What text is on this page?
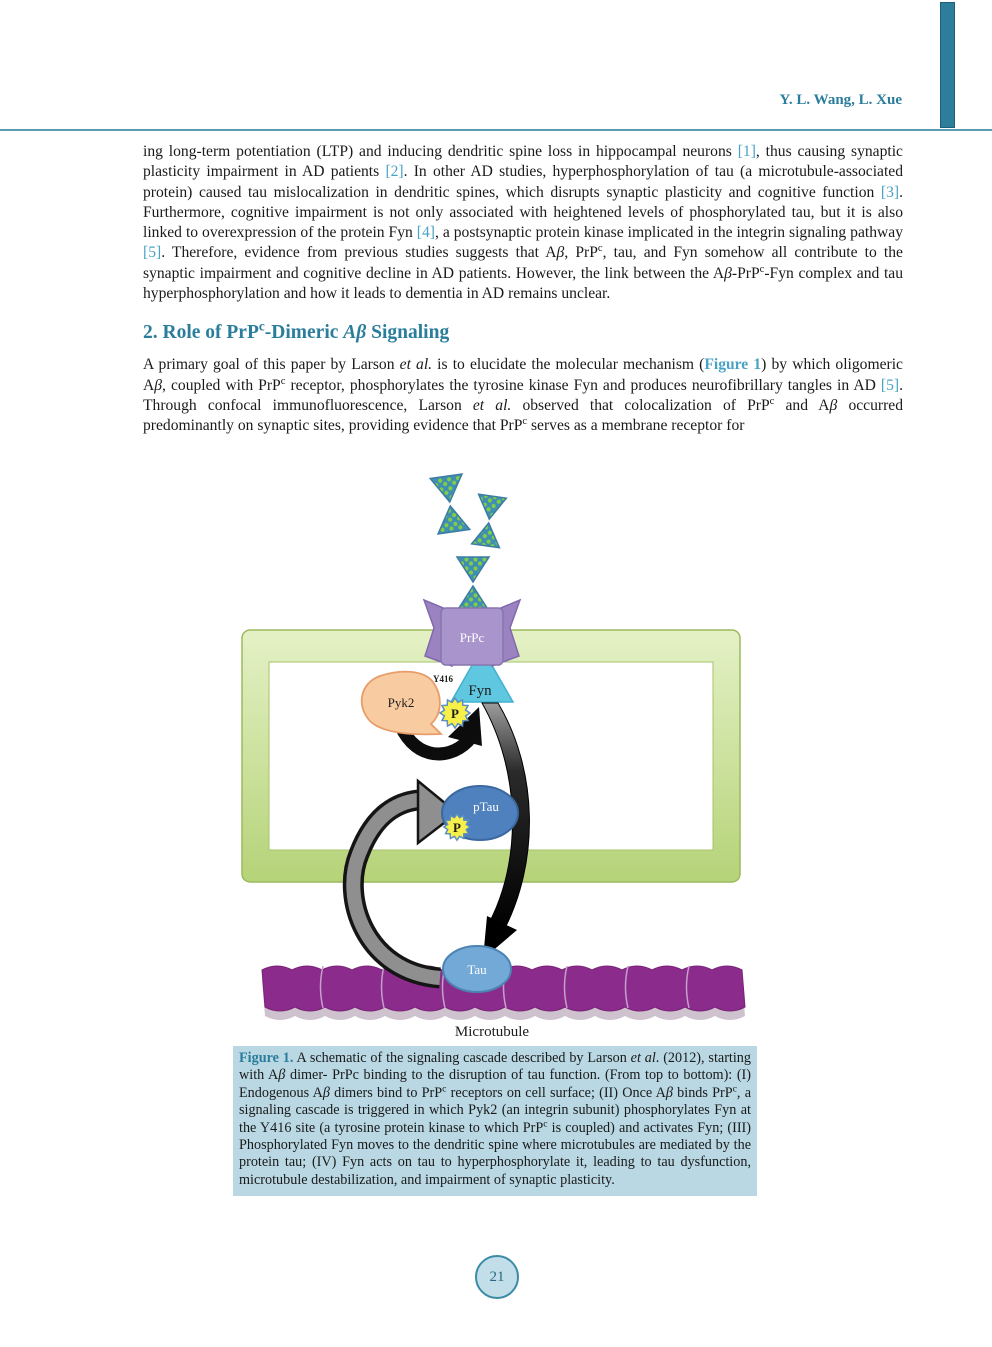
Y. L. Wang, L. Xue

ing long-term potentiation (LTP) and inducing dendritic spine loss in hippocampal neurons [1], thus causing synaptic plasticity impairment in AD patients [2]. In other AD studies, hyperphosphorylation of tau (a microtubule-associated protein) caused tau mislocalization in dendritic spines, which disrupts synaptic plasticity and cognitive function [3]. Furthermore, cognitive impairment is not only associated with heightened levels of phosphorylated tau, but it is also linked to overexpression of the protein Fyn [4], a postsynaptic protein kinase implicated in the integrin signaling pathway [5]. Therefore, evidence from previous studies suggests that Aβ, PrP$^c$, tau, and Fyn somehow all contribute to the synaptic impairment and cognitive decline in AD patients. However, the link between the Aβ-PrP$^c$-Fyn complex and tau hyperphosphorylation and how it leads to dementia in AD remains unclear.

2. Role of PrP$^c$-Dimeric Aβ Signaling

A primary goal of this paper by Larson et al. is to elucidate the molecular mechanism (Figure 1) by which oligomeric Aβ, coupled with PrP$^c$ receptor, phosphorylates the tyrosine kinase Fyn and produces neurofibrillary tangles in AD [5]. Through confocal immunofluorescence, Larson et al. observed that colocalization of PrP$^c$ and Aβ occurred predominantly on synaptic sites, providing evidence that PrP$^c$ serves as a membrane receptor for

PrPc
Microtubule
Pyk2
pTau
Tau
Fyn
Y416
P
P
Figure 1. A schematic of the signaling cascade described by Larson et al. (2012), starting with Aβ dimer- PrPc binding to the disruption of tau function. (From top to bottom): (I) Endogenous Aβ dimers bind to PrP$^c$ receptors on cell surface; (II) Once Aβ binds PrP$^c$, a signaling cascade is triggered in which Pyk2 (an integrin subunit) phosphorylates Fyn at the Y416 site (a tyrosine protein kinase to which PrP$^c$ is coupled) and activates Fyn; (III) Phosphorylated Fyn moves to the dendritic spine where microtubules are mediated by the protein tau; (IV) Fyn acts on tau to hyperphosphorylate it, leading to tau dysfunction, microtubule destabilization, and impairment of synaptic plasticity.
21
